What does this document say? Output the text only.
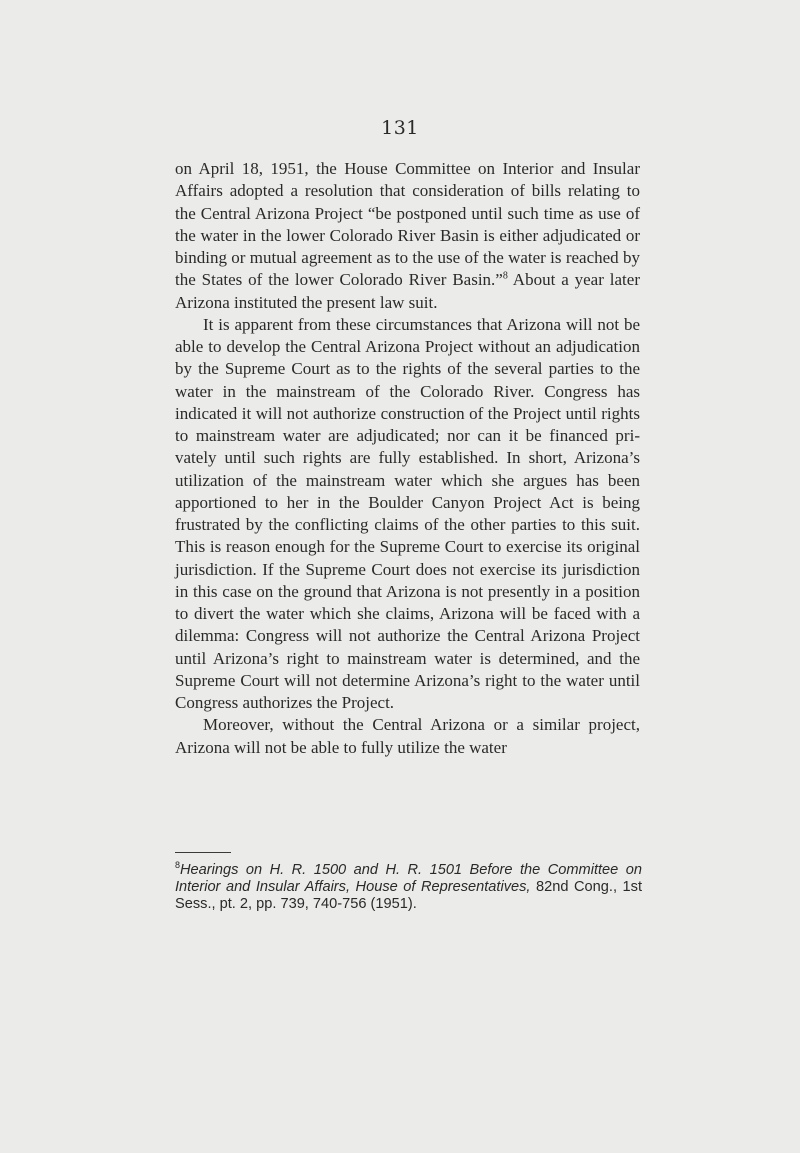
131

on April 18, 1951, the House Committee on Interior and Insular Affairs adopted a resolution that consideration of bills relating to the Central Arizona Project “be postponed until such time as use of the water in the lower Colorado River Basin is either adjudicated or binding or mutual agreement as to the use of the water is reached by the States of the lower Colorado River Basin.”$^8$ About a year later Arizona instituted the present law suit.

It is apparent from these circumstances that Arizona will not be able to develop the Central Arizona Project without an adjudication by the Supreme Court as to the rights of the several parties to the water in the mainstream of the Colorado River. Congress has indicated it will not authorize construction of the Project until rights to mainstream water are adjudicated; nor can it be financed privately until such rights are fully established. In short, Arizona’s utilization of the mainstream water which she argues has been apportioned to her in the Boulder Canyon Project Act is being frustrated by the conflicting claims of the other parties to this suit. This is reason enough for the Supreme Court to exercise its original jurisdiction. If the Supreme Court does not exercise its jurisdiction in this case on the ground that Arizona is not presently in a position to divert the water which she claims, Arizona will be faced with a dilemma: Congress will not authorize the Central Arizona Project until Arizona’s right to mainstream water is determined, and the Supreme Court will not determine Arizona’s right to the water until Congress authorizes the Project.

Moreover, without the Central Arizona or a similar project, Arizona will not be able to fully utilize the water

$^8$Hearings on H. R. 1500 and H. R. 1501 Before the Committee on Interior and Insular Affairs, House of Representatives, 82nd Cong., 1st Sess., pt. 2, pp. 739, 740-756 (1951).
